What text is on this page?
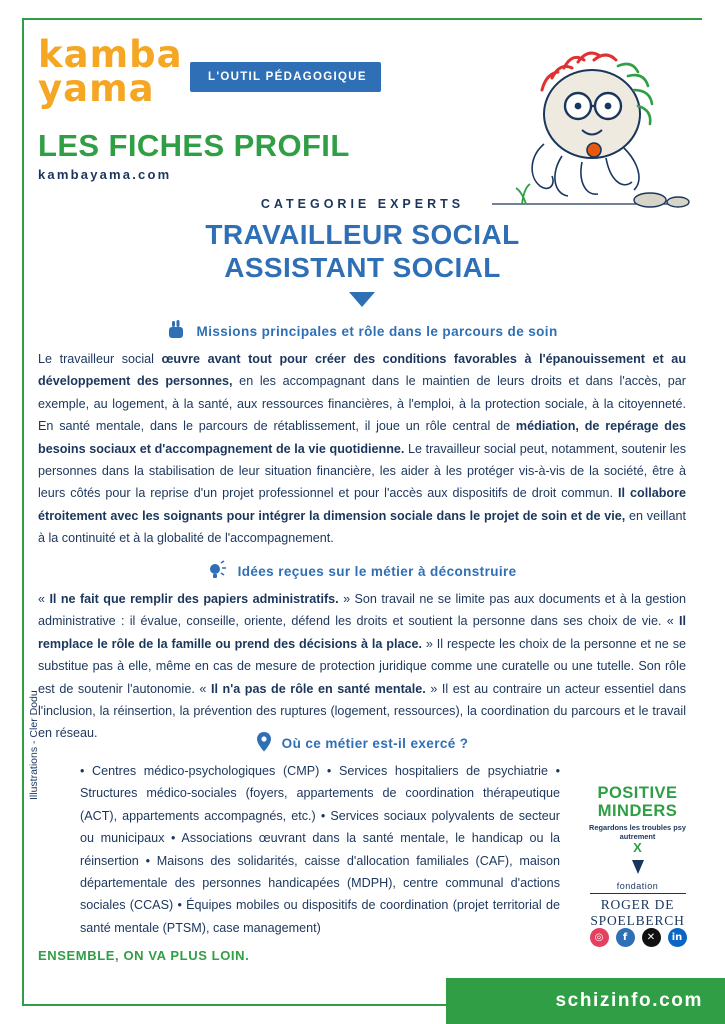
kamba
yama	L'OUTIL PÉDAGOGIQUE
LES FICHES PROFIL
kambayama.com
CATEGORIE EXPERTS
TRAVAILLEUR SOCIAL
ASSISTANT SOCIAL
Missions principales et rôle dans le parcours de soin
Le travailleur social œuvre avant tout pour créer des conditions favorables à l'épanouissement et au développement des personnes, en les accompagnant dans le maintien de leurs droits et dans l'accès, par exemple, au logement, à la santé, aux ressources financières, à l'emploi, à la protection sociale, à la citoyenneté. En santé mentale, dans le parcours de rétablissement, il joue un rôle central de médiation, de repérage des besoins sociaux et d'accompagnement de la vie quotidienne. Le travailleur social peut, notamment, soutenir les personnes dans la stabilisation de leur situation financière, les aider à les protéger vis-à-vis de la société, être à leurs côtés pour la reprise d'un projet professionnel et pour l'accès aux dispositifs de droit commun. Il collabore étroitement avec les soignants pour intégrer la dimension sociale dans le projet de soin et de vie, en veillant à la continuité et à la globalité de l'accompagnement.
Idées reçues sur le métier à déconstruire
« Il ne fait que remplir des papiers administratifs. » Son travail ne se limite pas aux documents et à la gestion administrative : il évalue, conseille, oriente, défend les droits et soutient la personne dans ses choix de vie. « Il remplace le rôle de la famille ou prend des décisions à la place. » Il respecte les choix de la personne et ne se substitue pas à elle, même en cas de mesure de protection juridique comme une curatelle ou une tutelle. Son rôle est de soutenir l'autonomie. « Il n'a pas de rôle en santé mentale. » Il est au contraire un acteur essentiel dans l'inclusion, la réinsertion, la prévention des ruptures (logement, ressources), la coordination du parcours et le travail en réseau.
Où ce métier est-il exercé ?
• Centres médico-psychologiques (CMP) • Services hospitaliers de psychiatrie • Structures médico-sociales (foyers, appartements de coordination thérapeutique (ACT), appartements accompagnés, etc.) • Services sociaux polyvalents de secteur ou municipaux • Associations œuvrant dans la santé mentale, le handicap ou la réinsertion • Maisons des solidarités, caisse d'allocation familiales (CAF), maison départementale des personnes handicapées (MDPH), centre communal d'actions sociales (CCAS) • Équipes mobiles ou dispositifs de coordination (projet territorial de santé mentale (PTSM), case management)
Illustrations - Cler Dodu	POSITIVE
MINDERS
Regardons les troubles psy
autrement
X
fondation
ROGER DE SPOELBERCH
◎	f	✕	in
ENSEMBLE, ON VA PLUS LOIN.
schizinfo.com
